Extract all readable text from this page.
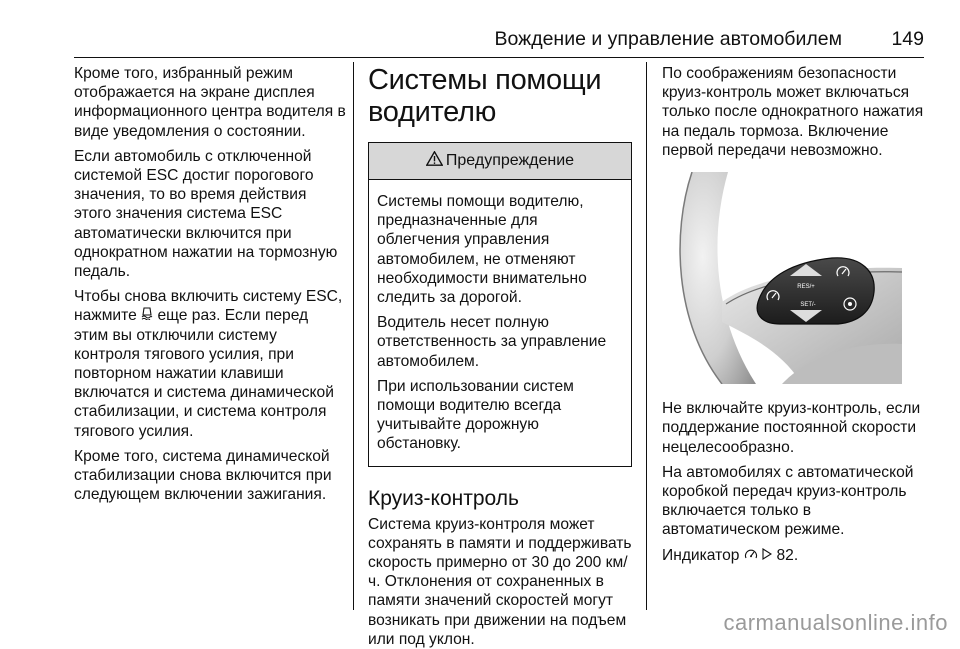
Вождение и управление автомобилем	149

Кроме того, избранный режим отображается на экране дисплея информационного центра водителя в виде уведомления о состоянии.

Если автомобиль с отключенной системой ESC достиг порогового значения, то во время действия этого значения система ESC автоматически включится при однократном нажатии на тормозную педаль.

Чтобы снова включить систему ESC, нажмите  еще раз. Если перед этим вы отключили систему контроля тягового усилия, при повторном нажатии клавиши включатся и система динамической стабилизации, и система контроля тягового усилия.

Кроме того, система динамической стабилизации снова включится при следующем включении зажигания.

Системы помощи водителю
Предупреждение

Системы помощи водителю, предназначенные для облегчения управления автомобилем, не отменяют необходимости внимательно следить за дорогой.

Водитель несет полную ответственность за управление автомобилем.

При использовании систем помощи водителю всегда учитывайте дорожную обстановку.

Круиз-контроль

Система круиз-контроля может сохранять в памяти и поддерживать скорость примерно от 30 до 200 км/ч. Отклонения от сохраненных в памяти значений скоростей могут возникать при движении на подъем или под уклон.

По соображениям безопасности круиз-контроль может включаться только после однократного нажатия на педаль тормоза. Включение первой передачи невозможно.

RES/+
SET/-

Не включайте круиз-контроль, если поддержание постоянной скорости нецелесообразно.

На автомобилях с автоматической коробкой передач круиз-контроль включается только в автоматическом режиме.

Индикатор   82.

carmanualsonline.info
